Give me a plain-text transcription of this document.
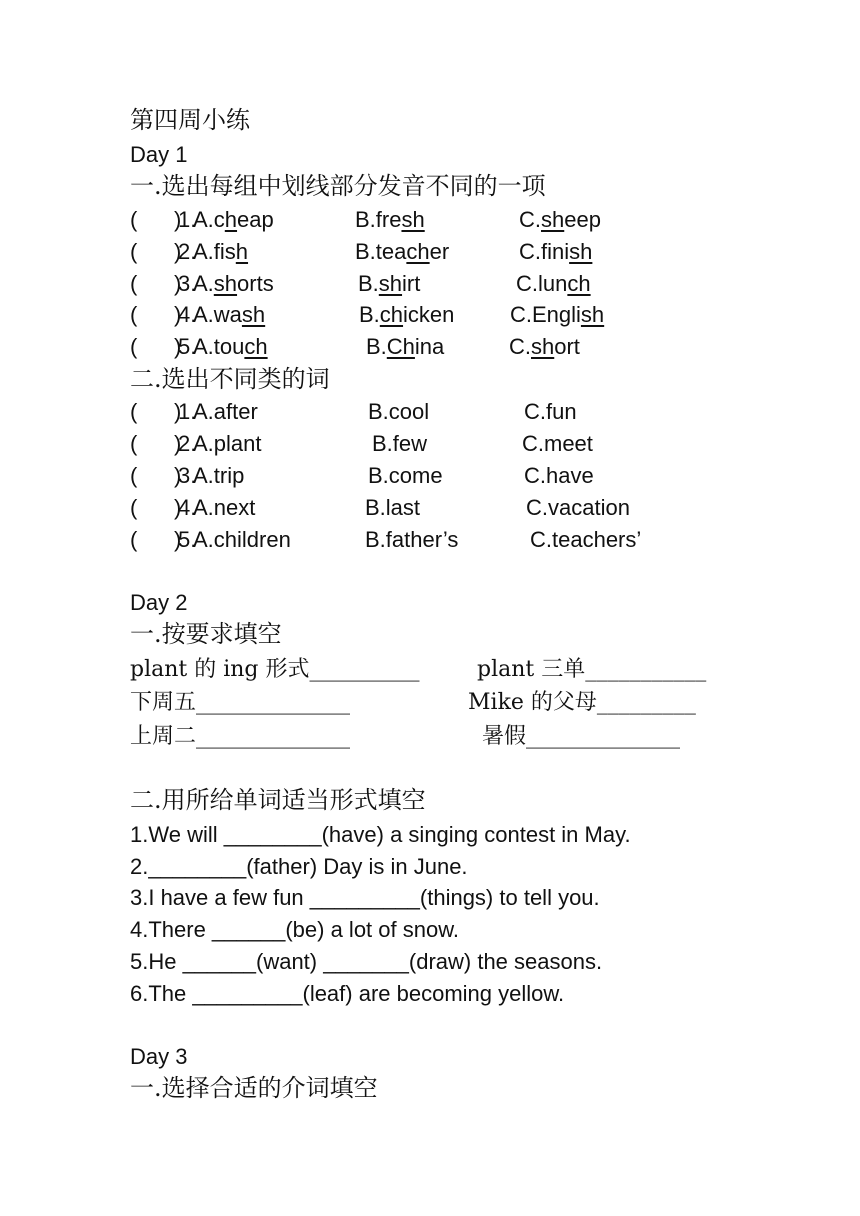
第四周小练
Day 1
一.选出每组中划线部分发音不同的一项
(      )
1.
A.cheap	B.fresh	C.sheep
(      )
2.
A.fish	B.teacher	C.finish
(      )
3.
A.shorts	B.shirt	C.lunch
(      )
4.
A.wash	B.chicken	C.English
(      )
5.
A.touch	B.China	C.short
二.选出不同类的词
(      )
1.
A.after	B.cool	C.fun
(      )
2.
A.plant	B.few	C.meet
(      )
3.
A.trip	B.come	C.have
(      )
4.
A.next	B.last	C.vacation
(      )
5.
A.children	B.father’s	C.teachers’
Day 2
一.按要求填空
plant 的 ing 形式__________	plant 三单___________
下周五______________	Mike 的父母_________
上周二______________	暑假______________
二.用所给单词适当形式填空
1.We will ________(have) a singing contest in May.
2.________(father) Day is in June.
3.I have a few fun _________(things) to tell you.
4.There ______(be) a lot of snow.
5.He ______(want) _______(draw) the seasons.
6.The _________(leaf) are becoming yellow.
Day 3
一.选择合适的介词填空
